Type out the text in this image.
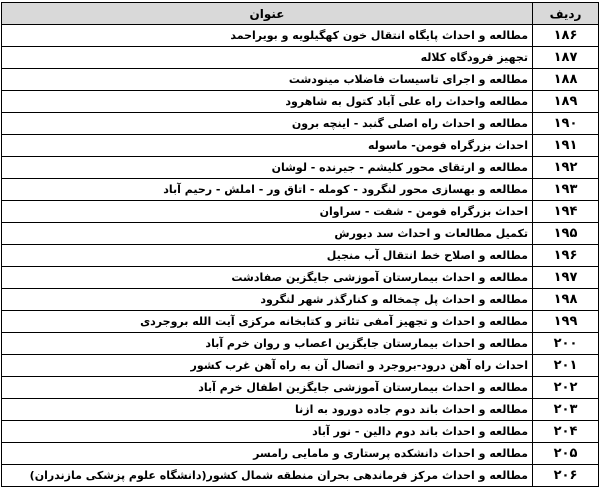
ردیف	عنوان
۱۸۶	مطالعه و احداث پایگاه انتقال خون کهگیلویه و بویراحمد
۱۸۷	تجهیز فرودگاه کلاله
۱۸۸	مطالعه و اجرای تاسیسات فاضلاب مینودشت
۱۸۹	مطالعه واحداث راه علی آباد کتول به شاهرود
۱۹۰	مطالعه و احداث راه اصلی گنبد - اینچه برون
۱۹۱	احداث بزرگراه فومن- ماسوله
۱۹۲	مطالعه و ارتقای محور کلیشم - جیرنده - لوشان
۱۹۳	مطالعه و بهسازی محور لنگرود - کوملە - اتاق ور - املش - رحیم آباد
۱۹۴	احداث بزرگراه فومن - شفت - سراوان
۱۹۵	تکمیل مطالعات و احداث سد دیورش
۱۹۶	مطالعه و اصلاح خط انتقال آب منجیل
۱۹۷	مطالعه و احداث بیمارستان آموزشی جایگزین صفادشت
۱۹۸	مطالعه و احداث پل چمخاله و کنارگذر شهر لنگرود
۱۹۹	مطالعه و احداث و تجهیز آمفی تئاتر و کتابخانه مرکزی آیت الله بروجردی
۲۰۰	مطالعه و احداث بیمارستان جایگزین اعصاب و روان خرم آباد
۲۰۱	احداث راه آهن درود-بروجرد و اتصال آن به راه آهن غرب کشور
۲۰۲	مطالعه و احداث بیمارستان آموزشی جایگزین اطفال خرم آباد
۲۰۳	مطالعه و احداث باند دوم جاده دورود به ازنا
۲۰۴	مطالعه و احداث باند دوم دالین - نور آباد
۲۰۵	مطالعه و احداث دانشکده پرستاری و مامایی رامسر
۲۰۶	مطالعه و احداث مرکز فرماندهی بحران منطقه شمال کشور(دانشگاه علوم پزشکی مازندران)
